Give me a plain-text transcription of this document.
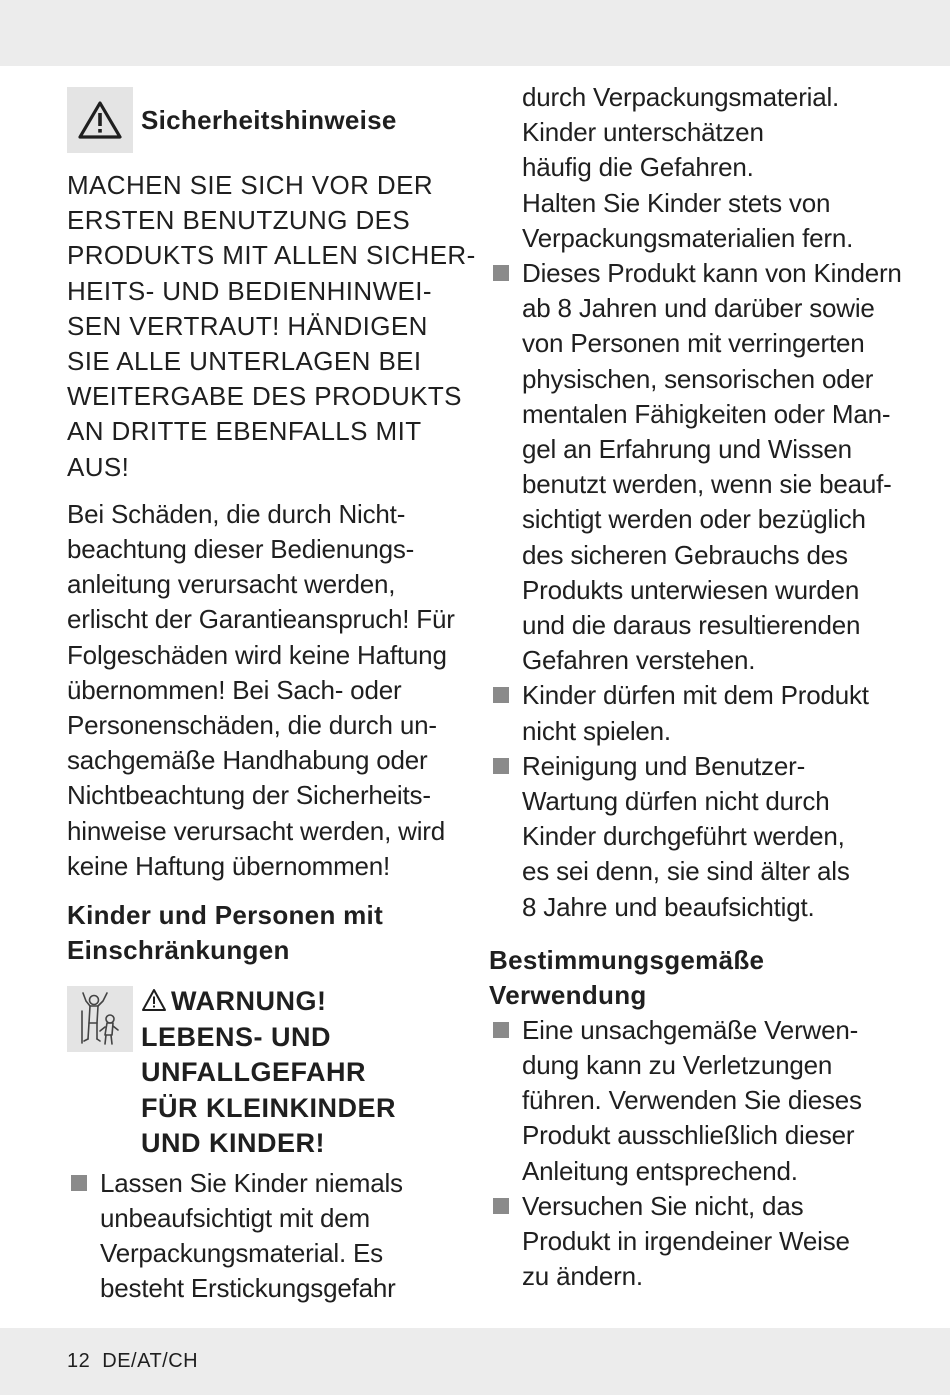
Sicherheitshinweise
MACHEN SIE SICH VOR DER
ERSTEN BENUTZUNG DES
PRODUKTS MIT ALLEN SICHER-
HEITS- UND BEDIENHINWEI-
SEN VERTRAUT! HÄNDIGEN
SIE ALLE UNTERLAGEN BEI
WEITERGABE DES PRODUKTS
AN DRITTE EBENFALLS MIT
AUS!
Bei Schäden, die durch Nicht-
beachtung dieser Bedienungs-
anleitung verursacht werden,
erlischt der Garantieanspruch! Für
Folgeschäden wird keine Haftung
übernommen! Bei Sach- oder
Personenschäden, die durch un-
sachgemäße Handhabung oder
Nichtbeachtung der Sicherheits-
hinweise verursacht werden, wird
keine Haftung übernommen!
Kinder und Personen mit
Einschränkungen
WARNUNG!
LEBENS- UND
UNFALLGEFAHR
FÜR KLEINKINDER
UND KINDER!
Lassen Sie Kinder niemals
unbeaufsichtigt mit dem
Verpackungsmaterial. Es
besteht Erstickungsgefahr
durch Verpackungsmaterial.
Kinder unterschätzen
häufig die Gefahren.
Halten Sie Kinder stets von
Verpackungsmaterialien fern.
Dieses Produkt kann von Kindern
ab 8 Jahren und darüber sowie
von Personen mit verringerten
physischen, sensorischen oder
mentalen Fähigkeiten oder Man-
gel an Erfahrung und Wissen
benutzt werden, wenn sie beauf-
sichtigt werden oder bezüglich
des sicheren Gebrauchs des
Produkts unterwiesen wurden
und die daraus resultierenden
Gefahren verstehen.
Kinder dürfen mit dem Produkt
nicht spielen.
Reinigung und Benutzer-
Wartung dürfen nicht durch
Kinder durchgeführt werden,
es sei denn, sie sind älter als
8 Jahre und beaufsichtigt.
Bestimmungsgemäße
Verwendung
Eine unsachgemäße Verwen-
dung kann zu Verletzungen
führen. Verwenden Sie dieses
Produkt ausschließlich dieser
Anleitung entsprechend.
Versuchen Sie nicht, das
Produkt in irgendeiner Weise
zu ändern.
12 DE/AT/CH
